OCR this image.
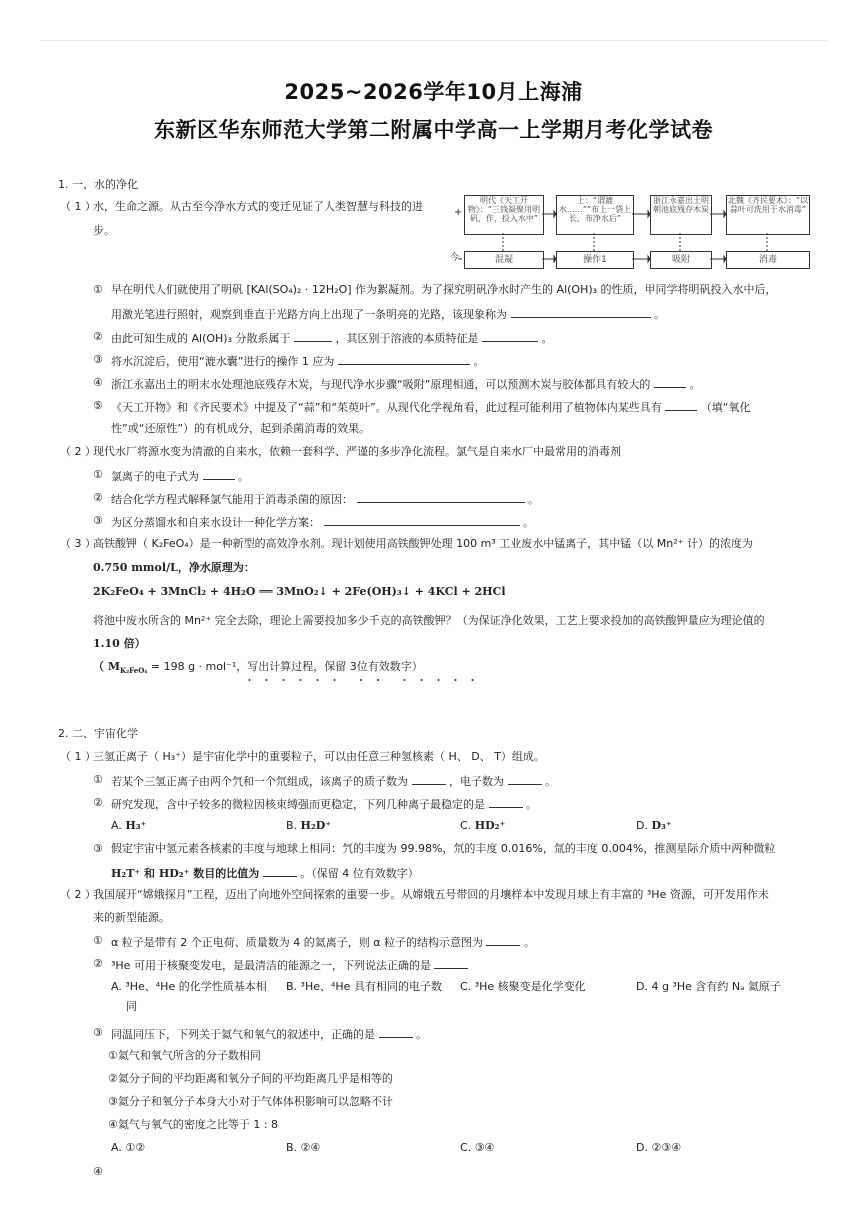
2025~2026学年10月上海浦
东新区华东师范大学第二附属中学高一上学期月考化学试卷
1. 一、水的净化
（ 1 ）
水，生命之源。从古至今净水方式的变迁见证了人类智慧与科技的进
步。
今
+
明代《天工开物》：“三钱凝聚用明矾，作，投入水中”
上：“谓漉水……”“布上一袋上长，布净水后”
浙江永嘉出土明朝池底残存木炭
北魏《齐民要术》：“以蒜叶可洗用于水消毒”
混凝	操作1	吸附	消毒
① 早在明代人们就使用了明矾 [KAl(SO₄)₂ · 12H₂O] 作为絮凝剂。为了探究明矾净水时产生的 Al(OH)₃ 的性质，甲同学将明矾投入水中后，
用激光笔进行照射，观察到垂直于光路方向上出现了一条明亮的光路，该现象称为	。
② 由此可知生成的 Al(OH)₃ 分散系属于	，其区别于溶液的本质特征是	。
③ 将水沉淀后，使用“漉水囊”进行的操作 1 应为	。
④ 浙江永嘉出土的明末水处理池底残存木炭，与现代净水步骤“吸附”原理相通，可以预测木炭与胶体都具有较大的	。
⑤ 《天工开物》和《齐民要术》中提及了“蒜”和“茱萸叶”。从现代化学视角看，此过程可能利用了植物体内某些具有	（填“氧化
性”或“还原性”）的有机成分，起到杀菌消毒的效果。
（ 2 ）
现代水厂将源水变为清澈的自来水，依赖一套科学、严谨的多步净化流程。氯气是自来水厂中最常用的消毒剂
① 氯离子的电子式为	。
② 结合化学方程式解释氯气能用于消毒杀菌的原因：	。
③ 为区分蒸馏水和自来水设计一种化学方案：	。
（ 3 ）
高铁酸钾（ K₂FeO₄）是一种新型的高效净水剂。现计划使用高铁酸钾处理 100 m³ 工业废水中锰离子，其中锰（以 Mn²⁺ 计）的浓度为
0.750 mmol/L，净水原理为：
2K₂FeO₄ + 3MnCl₂ + 4H₂O ══ 3MnO₂↓ + 2Fe(OH)₃↓ + 4KCl + 2HCl
将池中废水所含的 Mn²⁺ 完全去除，理论上需要投加多少千克的高铁酸钾？（为保证净化效果，工艺上要求投加的高铁酸钾量应为理论值的
1.10 倍）
（ $M_{K_2FeO_4} = 198$ g · mol⁻¹，写出计算过程，保留 3位有效数字）
・・・・・・ ・・ ・・・・・
2. 二、宇宙化学
（ 1 ）
三氢正离子（ H₃⁺）是宇宙化学中的重要粒子，可以由任意三种氢核素（ H、 D、 T）组成。
① 若某个三氢正离子由两个氕和一个氘组成，该离子的质子数为	，电子数为	。
② 研究发现，含中子较多的微粒因核束缚强而更稳定，下列几种离子最稳定的是	。
A. H₃⁺	B. H₂D⁺	C. HD₂⁺	D. D₃⁺
③ 假定宇宙中氢元素各核素的丰度与地球上相同：氕的丰度为 99.98%，氘的丰度 0.016%，氚的丰度 0.004%，推测星际介质中两种微粒
H₂T⁺ 和 HD₂⁺ 数目的比值为	。（保留 4 位有效数字）
（ 2 ）
我国展开“嫦娥探月”工程，迈出了向地外空间探索的重要一步。从嫦娥五号带回的月壤样本中发现月球上有丰富的 ³He 资源，可开发用作未
来的新型能源。
① α 粒子是带有 2 个正电荷、质量数为 4 的氦离子，则 α 粒子的结构示意图为	。
② ³He 可用于核聚变发电，是最清洁的能源之一，下列说法正确的是
A. ³He、⁴He 的化学性质基本相
同
B. ³He、⁴He 具有相同的电子数 C. ³He 核聚变是化学变化	D. 4 g ³He 含有约 Nₐ 氦原子
③ 同温同压下，下列关于氦气和氧气的叙述中，正确的是	。
①氦气和氧气所含的分子数相同
②氦分子间的平均距离和氧分子间的平均距离几乎是相等的
③氦分子和氧分子本身大小对于气体体积影响可以忽略不计
④氦气与氧气的密度之比等于 1 : 8
A. ①②	B. ②④	C. ③④	D. ②③④
④
